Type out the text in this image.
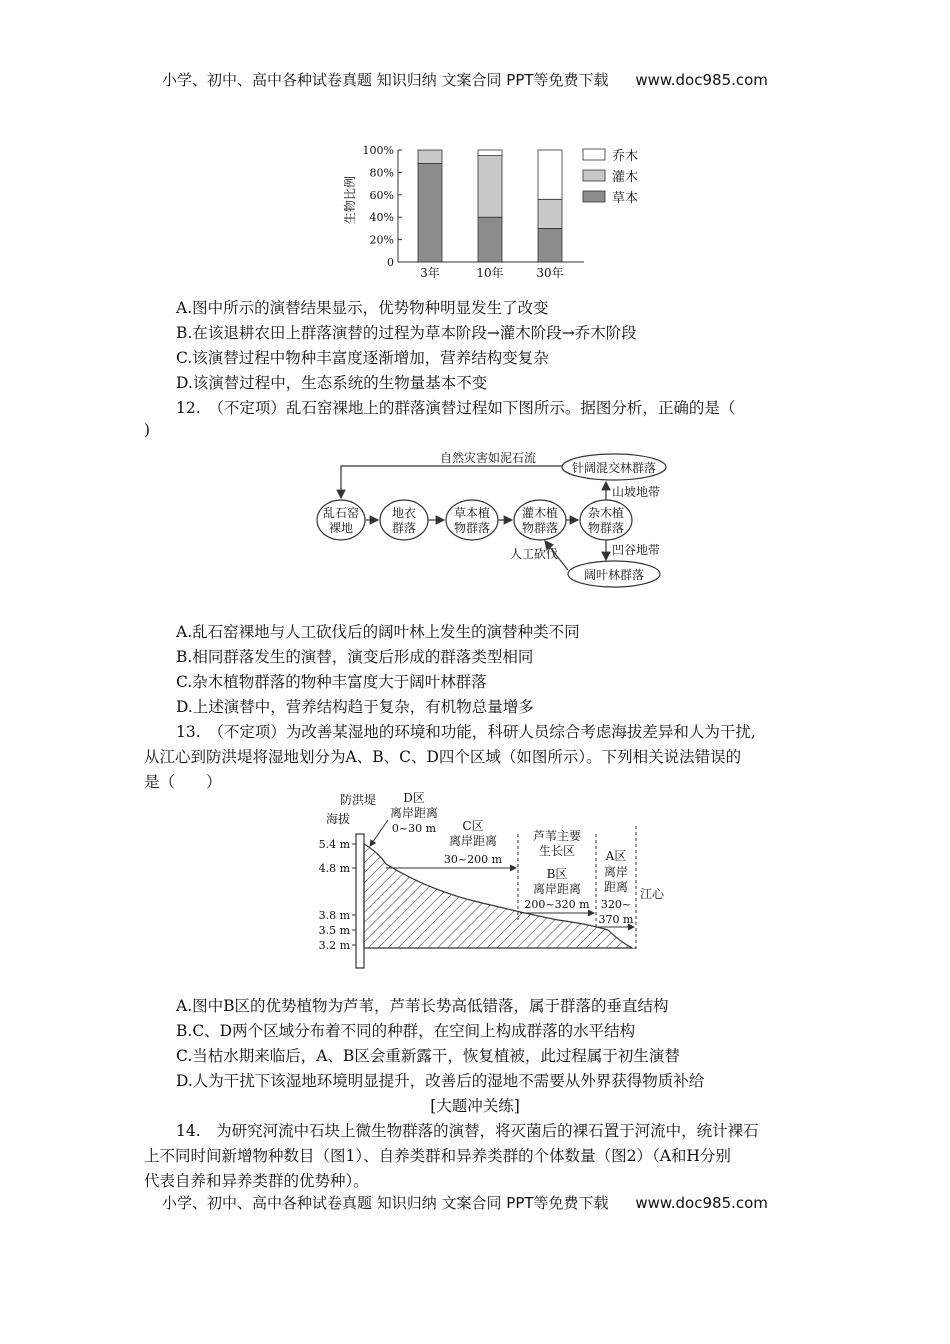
小学、初中、高中各种试卷真题 知识归纳 文案合同 PPT等免费下载 www.doc985.com
生物比例
0
20%
40%
60%
80%
100%
3年	10年	30年
乔木
灌木
草本
A.图中所示的演替结果显示，优势物种明显发生了改变
B.在该退耕农田上群落演替的过程为草本阶段→灌木阶段→乔木阶段
C.该演替过程中物种丰富度逐渐增加，营养结构变复杂
D.该演替过程中，生态系统的生物量基本不变
12.　（不定项）乱石窑裸地上的群落演替过程如下图所示。据图分析，正确的是（
)
自然灾害如泥石流
针阔混交林群落
乱石窑
裸地
地衣
群落
草本植
物群落
灌木植
物群落
杂木植
物群落
山坡地带
凹谷地带
阔叶林群落
人工砍伐
A.乱石窑裸地与人工砍伐后的阔叶林上发生的演替种类不同
B.相同群落发生的演替，演变后形成的群落类型相同
C.杂木植物群落的物种丰富度大于阔叶林群落
D.上述演替中，营养结构趋于复杂，有机物总量增多
13.　（不定项）为改善某湿地的环境和功能，科研人员综合考虑海拔差异和人为干扰,
从江心到防洪堤将湿地划分为A、B、C、D四个区域（如图所示）。下列相关说法错误的
是（　　）
防洪堤
海拔
5.4 m
4.8 m
3.8 m
3.5 m
3.2 m
D区
离岸距离
0~30 m C区
离岸距离
30~200 m
芦苇主要
生长区
B区
离岸距离
200~320 m
A区
离岸
距离
320~
370 m
江心
A.图中B区的优势植物为芦苇，芦苇长势高低错落，属于群落的垂直结构
B.C、D两个区域分布着不同的种群，在空间上构成群落的水平结构
C.当枯水期来临后，A、B区会重新露干，恢复植被，此过程属于初生演替
D.人为干扰下该湿地环境明显提升，改善后的湿地不需要从外界获得物质补给
[大题冲关练]
14.　为研究河流中石块上微生物群落的演替，将灭菌后的裸石置于河流中，统计裸石
上不同时间新增物种数目（图1）、自养类群和异养类群的个体数量（图2）（A和H分别
代表自养和异养类群的优势种）。
小学、初中、高中各种试卷真题 知识归纳 文案合同 PPT等免费下载 www.doc985.com
